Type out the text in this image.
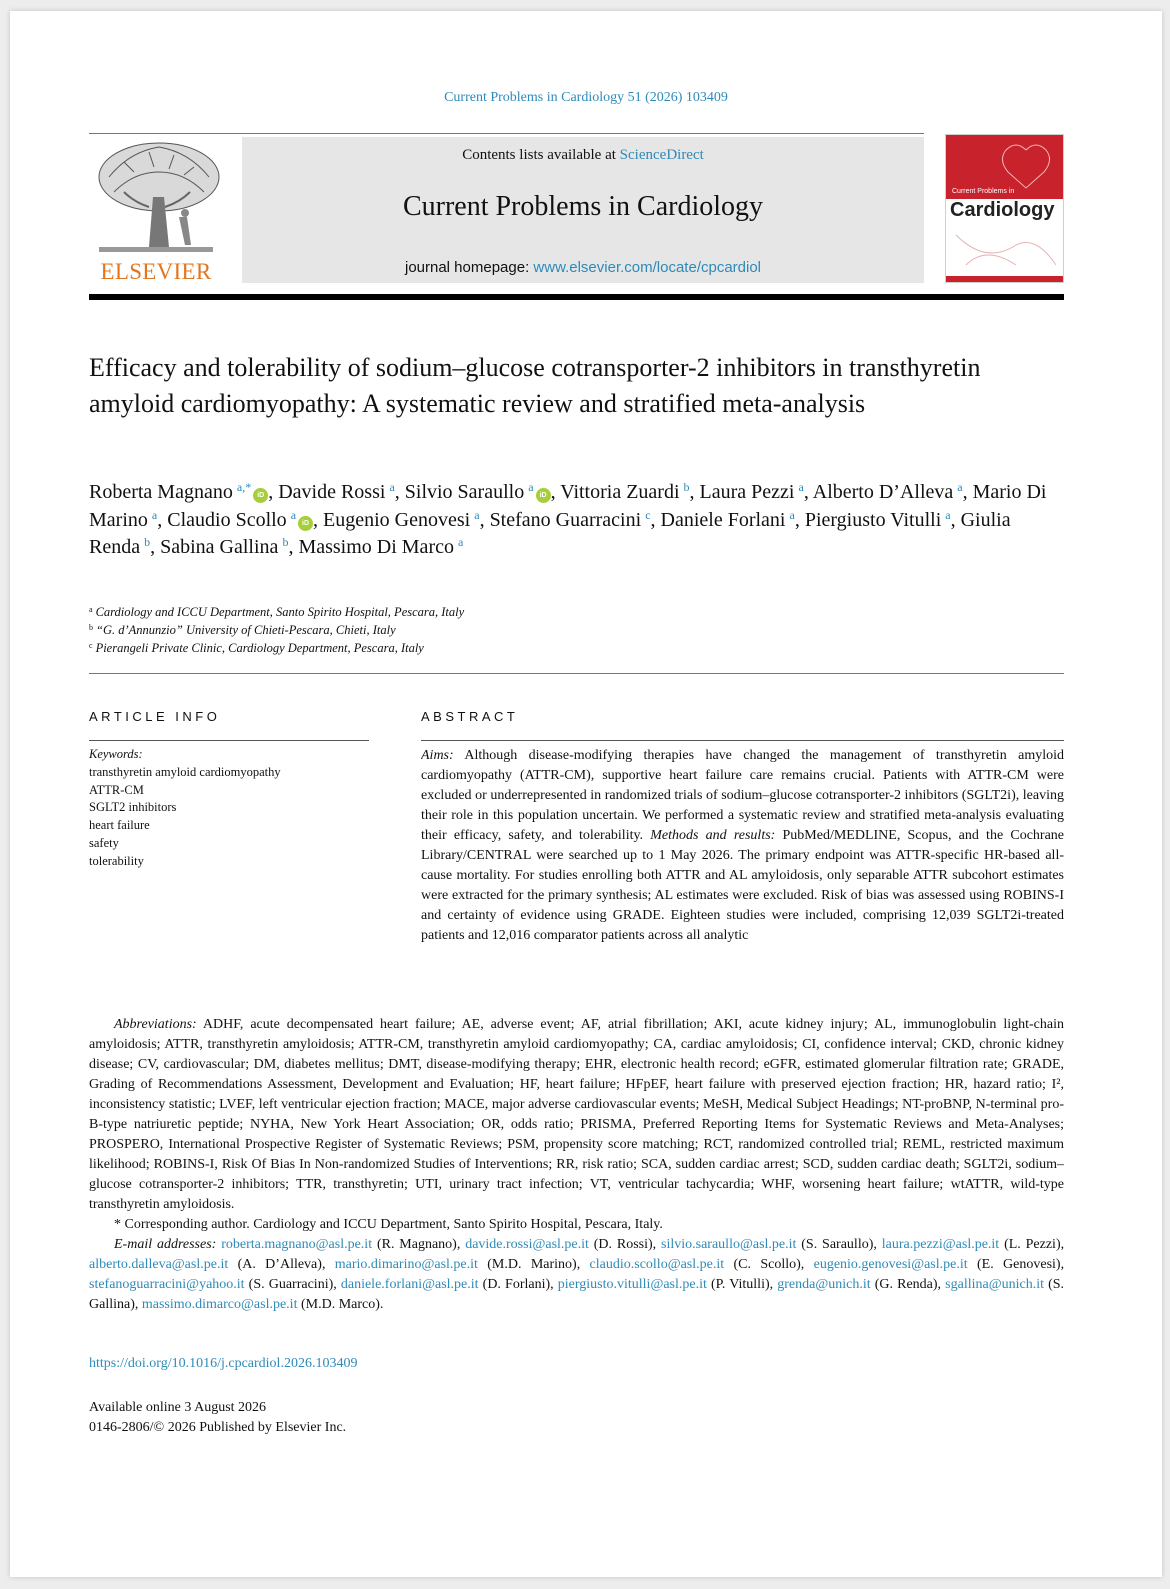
Current Problems in Cardiology 51 (2026) 103409
ELSEVIER
Contents lists available at ScienceDirect
Current Problems in Cardiology
journal homepage: www.elsevier.com/locate/cpcardiol
Current Problems in
Cardiology
Efficacy and tolerability of sodium–glucose cotransporter-2 inhibitors in transthyretin amyloid cardiomyopathy: A systematic review and stratified meta-analysis
Roberta Magnano  $^{a,*}$iD , Davide Rossi  $^a$, Silvio Saraullo  $^a$iD , Vittoria Zuardi  $^b$, Laura Pezzi  $^a$, Alberto D’Alleva  $^a$, Mario Di Marino  $^a$, Claudio Scollo  $^a$iD , Eugenio Genovesi  $^a$, Stefano Guarracini  $^c$, Daniele Forlani  $^a$, Piergiusto Vitulli  $^a$, Giulia Renda  $^b$, Sabina Gallina  $^b$, Massimo Di Marco  $^a$
$^a$ Cardiology and ICCU Department, Santo Spirito Hospital, Pescara, Italy
$^b$ “G. d’Annunzio” University of Chieti-Pescara, Chieti, Italy
$^c$ Pierangeli Private Clinic, Cardiology Department, Pescara, Italy
ARTICLE INFO	ABSTRACT
Keywords:
transthyretin amyloid cardiomyopathy
ATTR-CM
SGLT2 inhibitors
heart failure
safety
tolerability
Aims: Although disease-modifying therapies have changed the management of transthyretin amyloid cardiomyopathy (ATTR-CM), supportive heart failure care remains crucial. Patients with ATTR-CM were excluded or underrepresented in randomized trials of sodium–glucose cotransporter-2 inhibitors (SGLT2i), leaving their role in this population uncertain. We performed a systematic review and stratified meta-analysis evaluating their efficacy, safety, and tolerability. Methods and results: PubMed/MEDLINE, Scopus, and the Cochrane Library/CENTRAL were searched up to 1 May 2026. The primary endpoint was ATTR-specific HR-based all-cause mortality. For studies enrolling both ATTR and AL amyloidosis, only separable ATTR subcohort estimates were extracted for the primary synthesis; AL estimates were excluded. Risk of bias was assessed using ROBINS-I and certainty of evidence using GRADE. Eighteen studies were included, comprising 12,039 SGLT2i-treated patients and 12,016 comparator patients across all analytic

Abbreviations: ADHF, acute decompensated heart failure; AE, adverse event; AF, atrial fibrillation; AKI, acute kidney injury; AL, immunoglobulin light-chain amyloidosis; ATTR, transthyretin amyloidosis; ATTR-CM, transthyretin amyloid cardiomyopathy; CA, cardiac amyloidosis; CI, confidence interval; CKD, chronic kidney disease; CV, cardiovascular; DM, diabetes mellitus; DMT, disease-modifying therapy; EHR, electronic health record; eGFR, estimated glomerular filtration rate; GRADE, Grading of Recommendations Assessment, Development and Evaluation; HF, heart failure; HFpEF, heart failure with preserved ejection fraction; HR, hazard ratio; I², inconsistency statistic; LVEF, left ventricular ejection fraction; MACE, major adverse cardiovascular events; MeSH, Medical Subject Headings; NT-proBNP, N-terminal pro-B-type natriuretic peptide; NYHA, New York Heart Association; OR, odds ratio; PRISMA, Preferred Reporting Items for Systematic Reviews and Meta-Analyses; PROSPERO, International Prospective Register of Systematic Reviews; PSM, propensity score matching; RCT, randomized controlled trial; REML, restricted maximum likelihood; ROBINS-I, Risk Of Bias In Non-randomized Studies of Interventions; RR, risk ratio; SCA, sudden cardiac arrest; SCD, sudden cardiac death; SGLT2i, sodium–glucose cotransporter-2 inhibitors; TTR, transthyretin; UTI, urinary tract infection; VT, ventricular tachycardia; WHF, worsening heart failure; wtATTR, wild-type transthyretin amyloidosis.

* Corresponding author. Cardiology and ICCU Department, Santo Spirito Hospital, Pescara, Italy.

E-mail addresses: roberta.magnano@asl.pe.it (R. Magnano), davide.rossi@asl.pe.it (D. Rossi), silvio.saraullo@asl.pe.it (S. Saraullo), laura.pezzi@asl.pe.it (L. Pezzi), alberto.dalleva@asl.pe.it (A. D’Alleva), mario.dimarino@asl.pe.it (M.D. Marino), claudio.scollo@asl.pe.it (C. Scollo), eugenio.genovesi@asl.pe.it (E. Genovesi), stefanoguarracini@yahoo.it (S. Guarracini), daniele.forlani@asl.pe.it (D. Forlani), piergiusto.vitulli@asl.pe.it (P. Vitulli), grenda@unich.it (G. Renda), sgallina@unich.it (S. Gallina), massimo.dimarco@asl.pe.it (M.D. Marco).

https://doi.org/10.1016/j.cpcardiol.2026.103409
Available online 3 August 2026
0146-2806/© 2026 Published by Elsevier Inc.
